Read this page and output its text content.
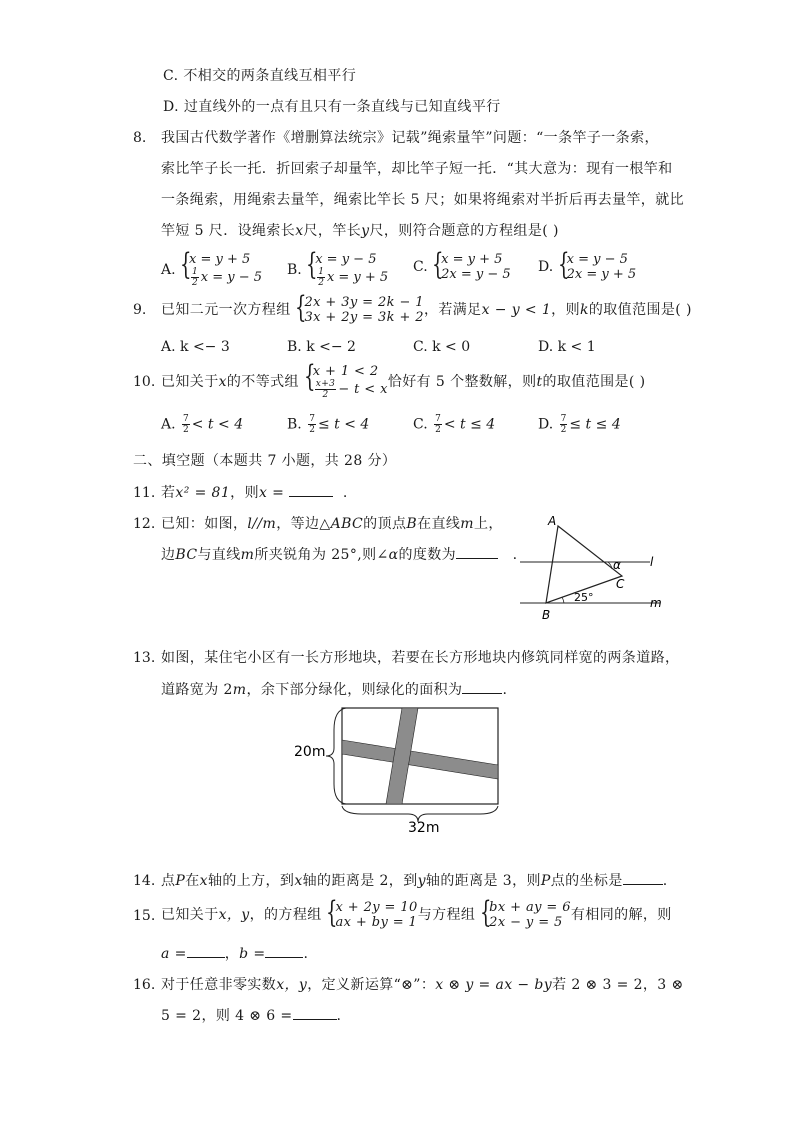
C. 不相交的两条直线互相平行
D. 过直线外的一点有且只有一条直线与已知直线平行
8. 我国古代数学著作《增删算法统宗》记载”绳索量竿”问题：“一条竿子一条索，
索比竿子长一托．折回索子却量竿，却比竿子短一托．“其大意为：现有一根竿和
一条绳索，用绳索去量竿，绳索比竿长 5 尺；如果将绳索对半折后再去量竿，就比
竿短 5 尺．设绳索长x尺，竿长y尺，则符合题意的方程组是( )
A. {
x = y + 5
$\frac{1}{2}$ x = y − 5 B. {
x = y − 5
$\frac{1}{2}$ x = y + 5
C. {
x = y + 5
2x = y − 5 D. {
x = y − 5
2x = y + 5
9. 已知二元一次方程组 {
2x + 3y = 2k − 1
3x + 2y = 3k + 2 ，若满足x − y < 1，则k的取值范围是( )
A. k <− 3	B. k <− 2	C. k < 0	D. k < 1
10. 已知关于x的不等式组 {
x + 1 < 2
$\frac{x+3}{2} - t < x$ 恰好有 5 个整数解，则t的取值范围是( )
A. $\frac{7}{2} < t < 4$	B. $\frac{7}{2} \le t < 4$	C. $\frac{7}{2} < t \le 4$	D. $\frac{7}{2} \le t \le 4$
二、填空题（本题共 7 小题，共 28 分）
11. 若x² = 81，则x =	.
12. 已知：如图，l//m，等边△ABC的顶点B在直线m上，
边BC与直线m所夹锐角为 25°,则∠α的度数为	.
A
B
C
α l
m
25°
13. 如图，某住宅小区有一长方形地块，若要在长方形地块内修筑同样宽的两条道路，
道路宽为 2m，余下部分绿化，则绿化的面积为	.
20m
32m
14. 点P在x轴的上方，到x轴的距离是 2，到y轴的距离是 3，则P点的坐标是	.
15. 已知关于x，y，的方程组 {
x + 2y = 10
ax + by = 1 与方程组 {
bx + ay = 6
2x − y = 5 有相同的解，则
a =	，b =	.
16. 对于任意非零实数x，y，定义新运算“⊗”：x ⊗ y = ax − by若 2 ⊗ 3 = 2，3 ⊗
5 = 2，则 4 ⊗ 6 =	.
